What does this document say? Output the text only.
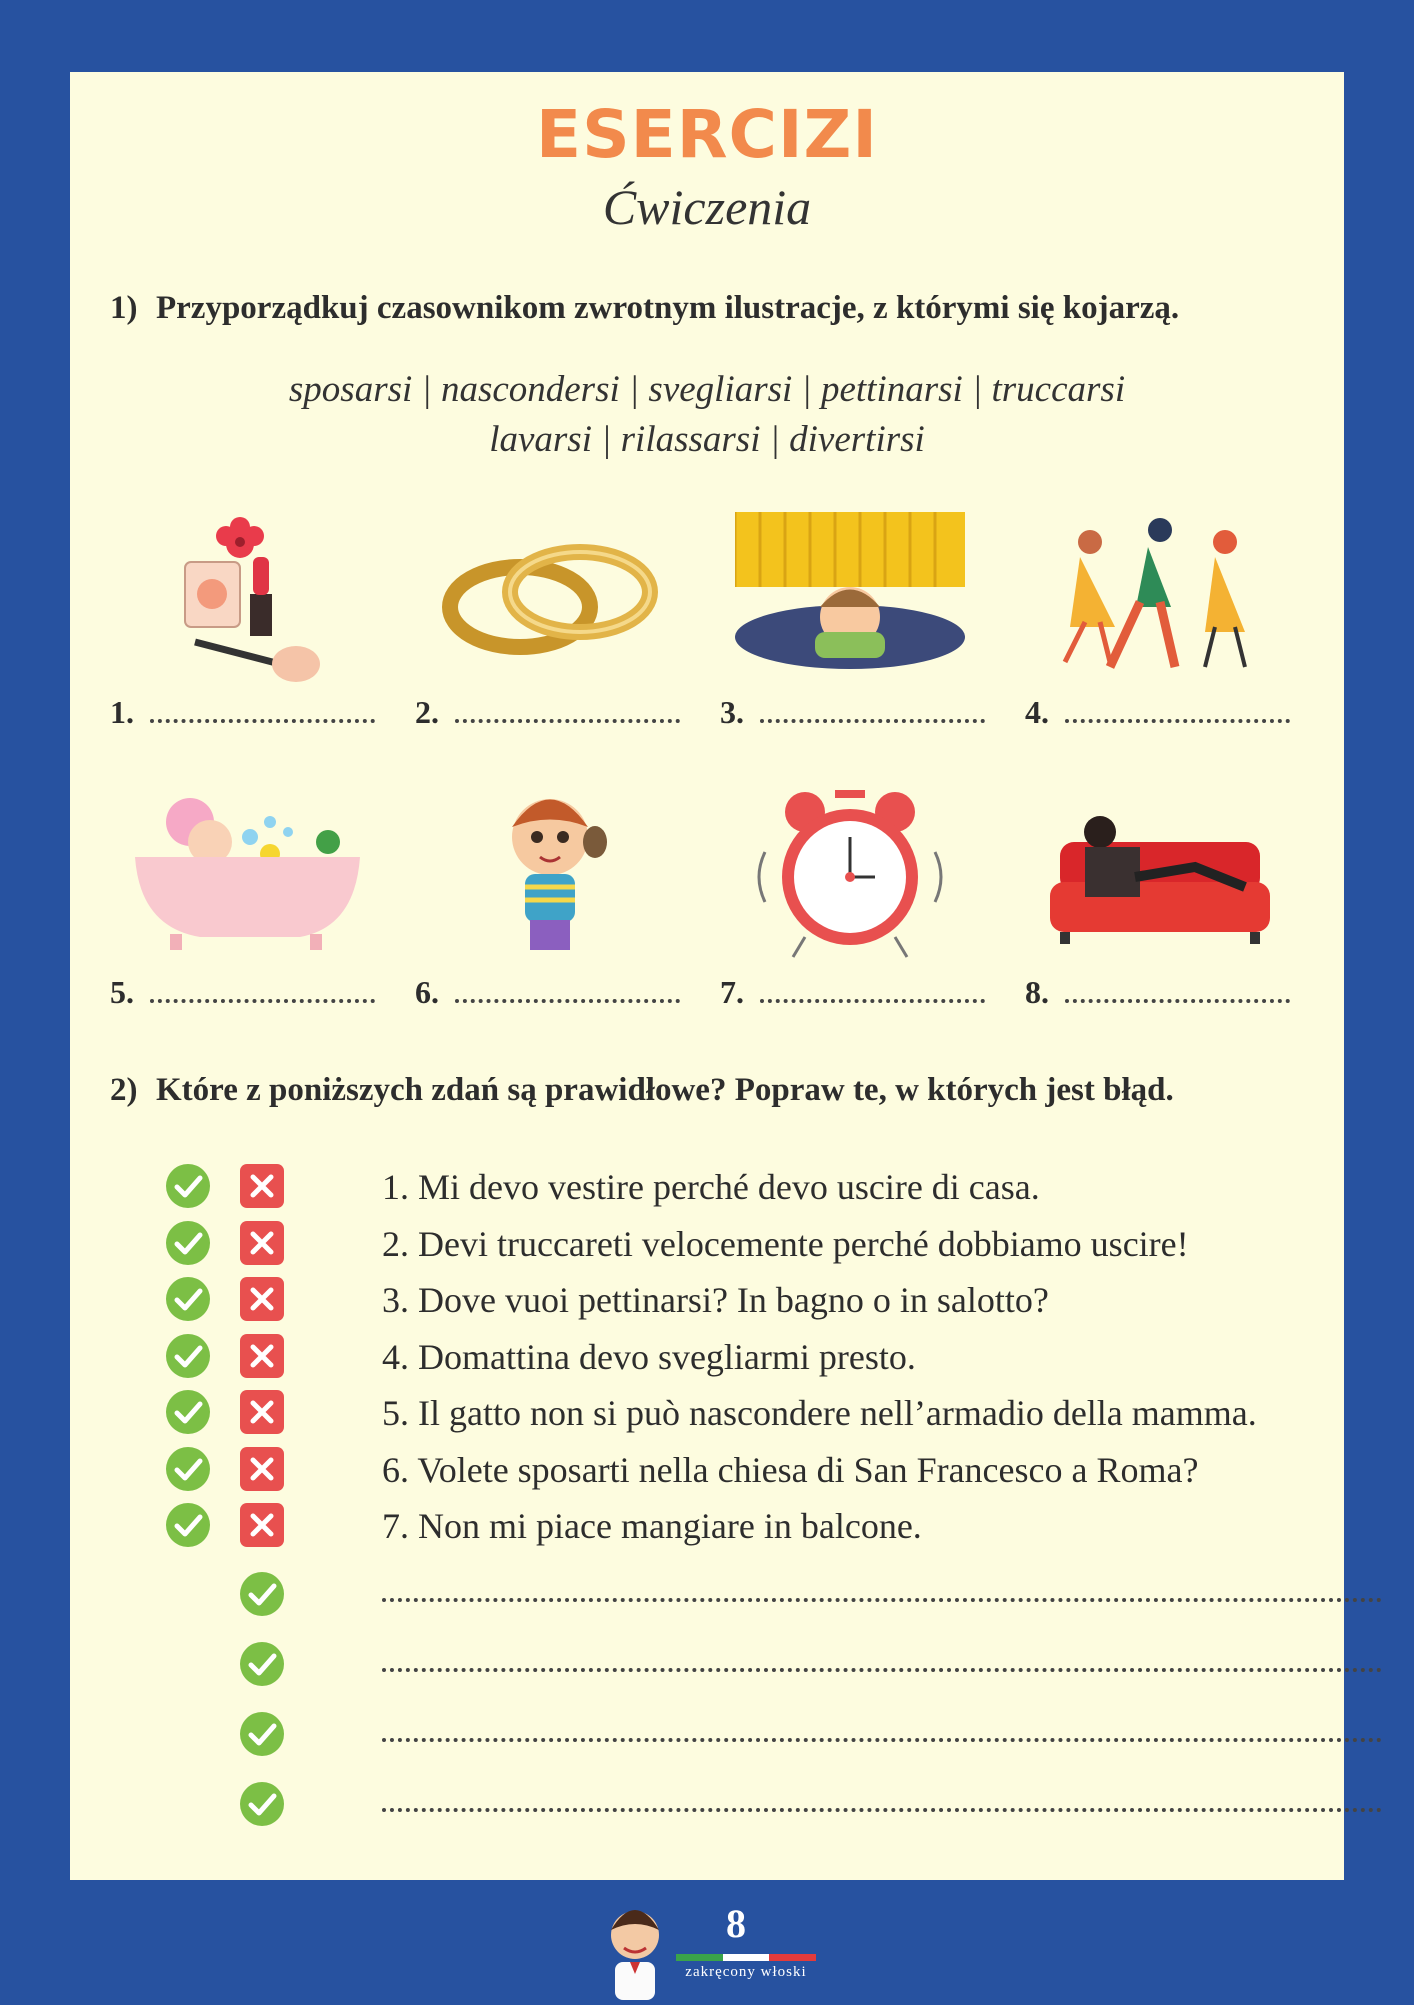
ESERCIZI
Ćwiczenia
1) Przyporządkuj czasownikom zwrotnym ilustracje, z którymi się kojarzą.
sposarsi | nascondersi | svegliarsi | pettinarsi | truccarsi
lavarsi | rilassarsi | divertirsi
1.	2.	3.	4.
5.	6.	7.	8.
2) Które z poniższych zdań są prawidłowe? Popraw te, w których jest błąd.
1. Mi devo vestire perché devo uscire di casa.
2. Devi truccareti velocemente perché dobbiamo uscire!
3. Dove vuoi pettinarsi? In bagno o in salotto?
4. Domattina devo svegliarmi presto.
5. Il gatto non si può nascondere nell’armadio della mamma.
6. Volete sposarti nella chiesa di San Francesco a Roma?
7. Non mi piace mangiare in balcone.
8
zakręcony włoski
